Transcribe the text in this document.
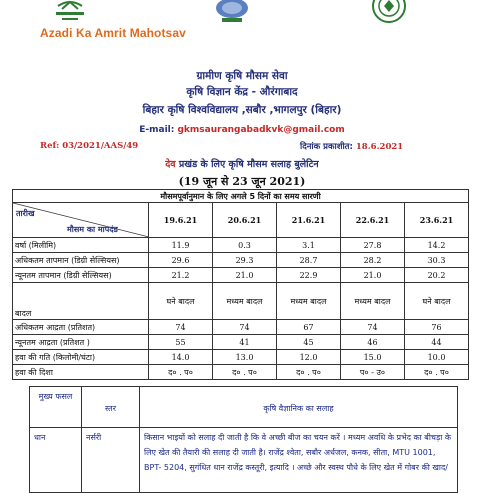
Azadi Ka Amrit Mahotsav

ग्रामीण कृषि मौसम सेवा

कृषि विज्ञान केंद्र - औरंगाबाद

बिहार कृषि विश्वविद्यालय ,सबौर ,भागलपुर (बिहार)

E-mail: gkmsaurangabadkvk@gmail.com

Ref: 03/2021/AAS/49	दिनांक प्रकाशीत: 18.6.2021

देव प्रखंड के लिए कृषि मौसम सलाह बुलेटिन

(19 जून से 23 जून 2021)

मौसमपूर्वानुमान के लिए अगले 5 दिनों का समय सारणी					

तारीख
मौसम का मापदंड	19.6.21	20.6.21	21.6.21	22.6.21	23.6.21
वर्षा (मिलीमि)	11.9	0.3	3.1	27.8	14.2
अधिकतम तापमान (डिग्री सेल्सियस)	29.6	29.3	28.7	28.2	30.3
न्यूनतम तापमान (डिग्री सेल्सियस)	21.2	21.0	22.9	21.0	20.2
बादल	घने बादल	मध्यम बादल	मध्यम बादल	मध्यम बादल	घने बादल
अधिकतम आद्रता (प्रतिशत)	74	74	67	74	76
न्यूनतम आद्रता (प्रतिशत )	55	41	45	46	44
हवा की गति (किलोमी/घंटा)	14.0	13.0	12.0	15.0	10.0
हवा की दिशा	द० . प०	द० . प०	द० . प०	प० - उ०	द० . प०
मुख्य फसल	स्तर	कृषि वैज्ञानिक का सलाह
धान	नर्सरी	किसान भाइयों को सलाह दी जाती है कि वे अच्छी बीज का चयन करें । मध्यम अवधि के प्रभेद का बीचड़ा के लिए खेत की तैयारी की सलाह दी जाती है। राजेंद्र श्वेता, सबौर अर्धजल, कनक, सीता, MTU 1001, BPT- 5204, सुगंधित धान राजेंद्र कस्तूरी, इत्यादि । अच्छे और स्वस्थ पौधे के लिए खेत में गोबर की खाद/
